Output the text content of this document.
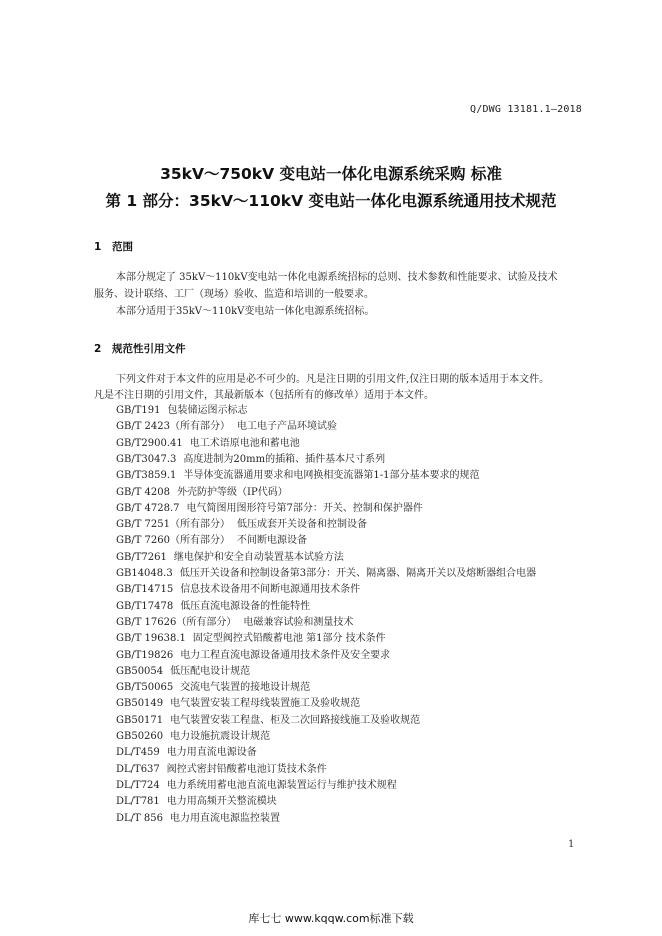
Q/DWG 13181.1—2018
35kV～750kV 变电站一体化电源系统采购 标准
第 1 部分：35kV～110kV 变电站一体化电源系统通用技术规范
1 范围
本部分规定了 35kV～110kV变电站一体化电源系统招标的总则、技术参数和性能要求、试验及技术
服务、设计联络、工厂（现场）验收、监造和培训的一般要求。
本部分适用于35kV～110kV变电站一体化电源系统招标。
2 规范性引用文件
下列文件对于本文件的应用是必不可少的。凡是注日期的引用文件,仅注日期的版本适用于本文件。
凡是不注日期的引用文件，其最新版本（包括所有的修改单）适用于本文件。
GB/T191 包装储运图示标志
GB/T 2423（所有部分） 电工电子产品环境试验
GB/T2900.41 电工术语原电池和蓄电池
GB/T3047.3 高度进制为20mm的插箱、插件基本尺寸系列
GB/T3859.1 半导体变流器通用要求和电网换相变流器第1-1部分基本要求的规范
GB/T 4208 外壳防护等级（IP代码）
GB/T 4728.7 电气简图用图形符号第7部分：开关、控制和保护器件
GB/T 7251（所有部分） 低压成套开关设备和控制设备
GB/T 7260（所有部分） 不间断电源设备
GB/T7261 继电保护和安全自动装置基本试验方法
GB14048.3 低压开关设备和控制设备第3部分：开关、隔离器、隔离开关以及熔断器组合电器
GB/T14715 信息技术设备用不间断电源通用技术条件
GB/T17478 低压直流电源设备的性能特性
GB/T 17626（所有部分） 电磁兼容试验和测量技术
GB/T 19638.1 固定型阀控式铅酸蓄电池 第1部分 技术条件
GB/T19826 电力工程直流电源设备通用技术条件及安全要求
GB50054 低压配电设计规范
GB/T50065 交流电气装置的接地设计规范
GB50149 电气装置安装工程母线装置施工及验收规范
GB50171 电气装置安装工程盘、柜及二次回路接线施工及验收规范
GB50260 电力设施抗震设计规范
DL/T459 电力用直流电源设备
DL/T637 阀控式密封铅酸蓄电池订货技术条件
DL/T724 电力系统用蓄电池直流电源装置运行与维护技术规程
DL/T781 电力用高频开关整流模块
DL/T 856 电力用直流电源监控装置
1
库七七 www.kqqw.com标准下载
